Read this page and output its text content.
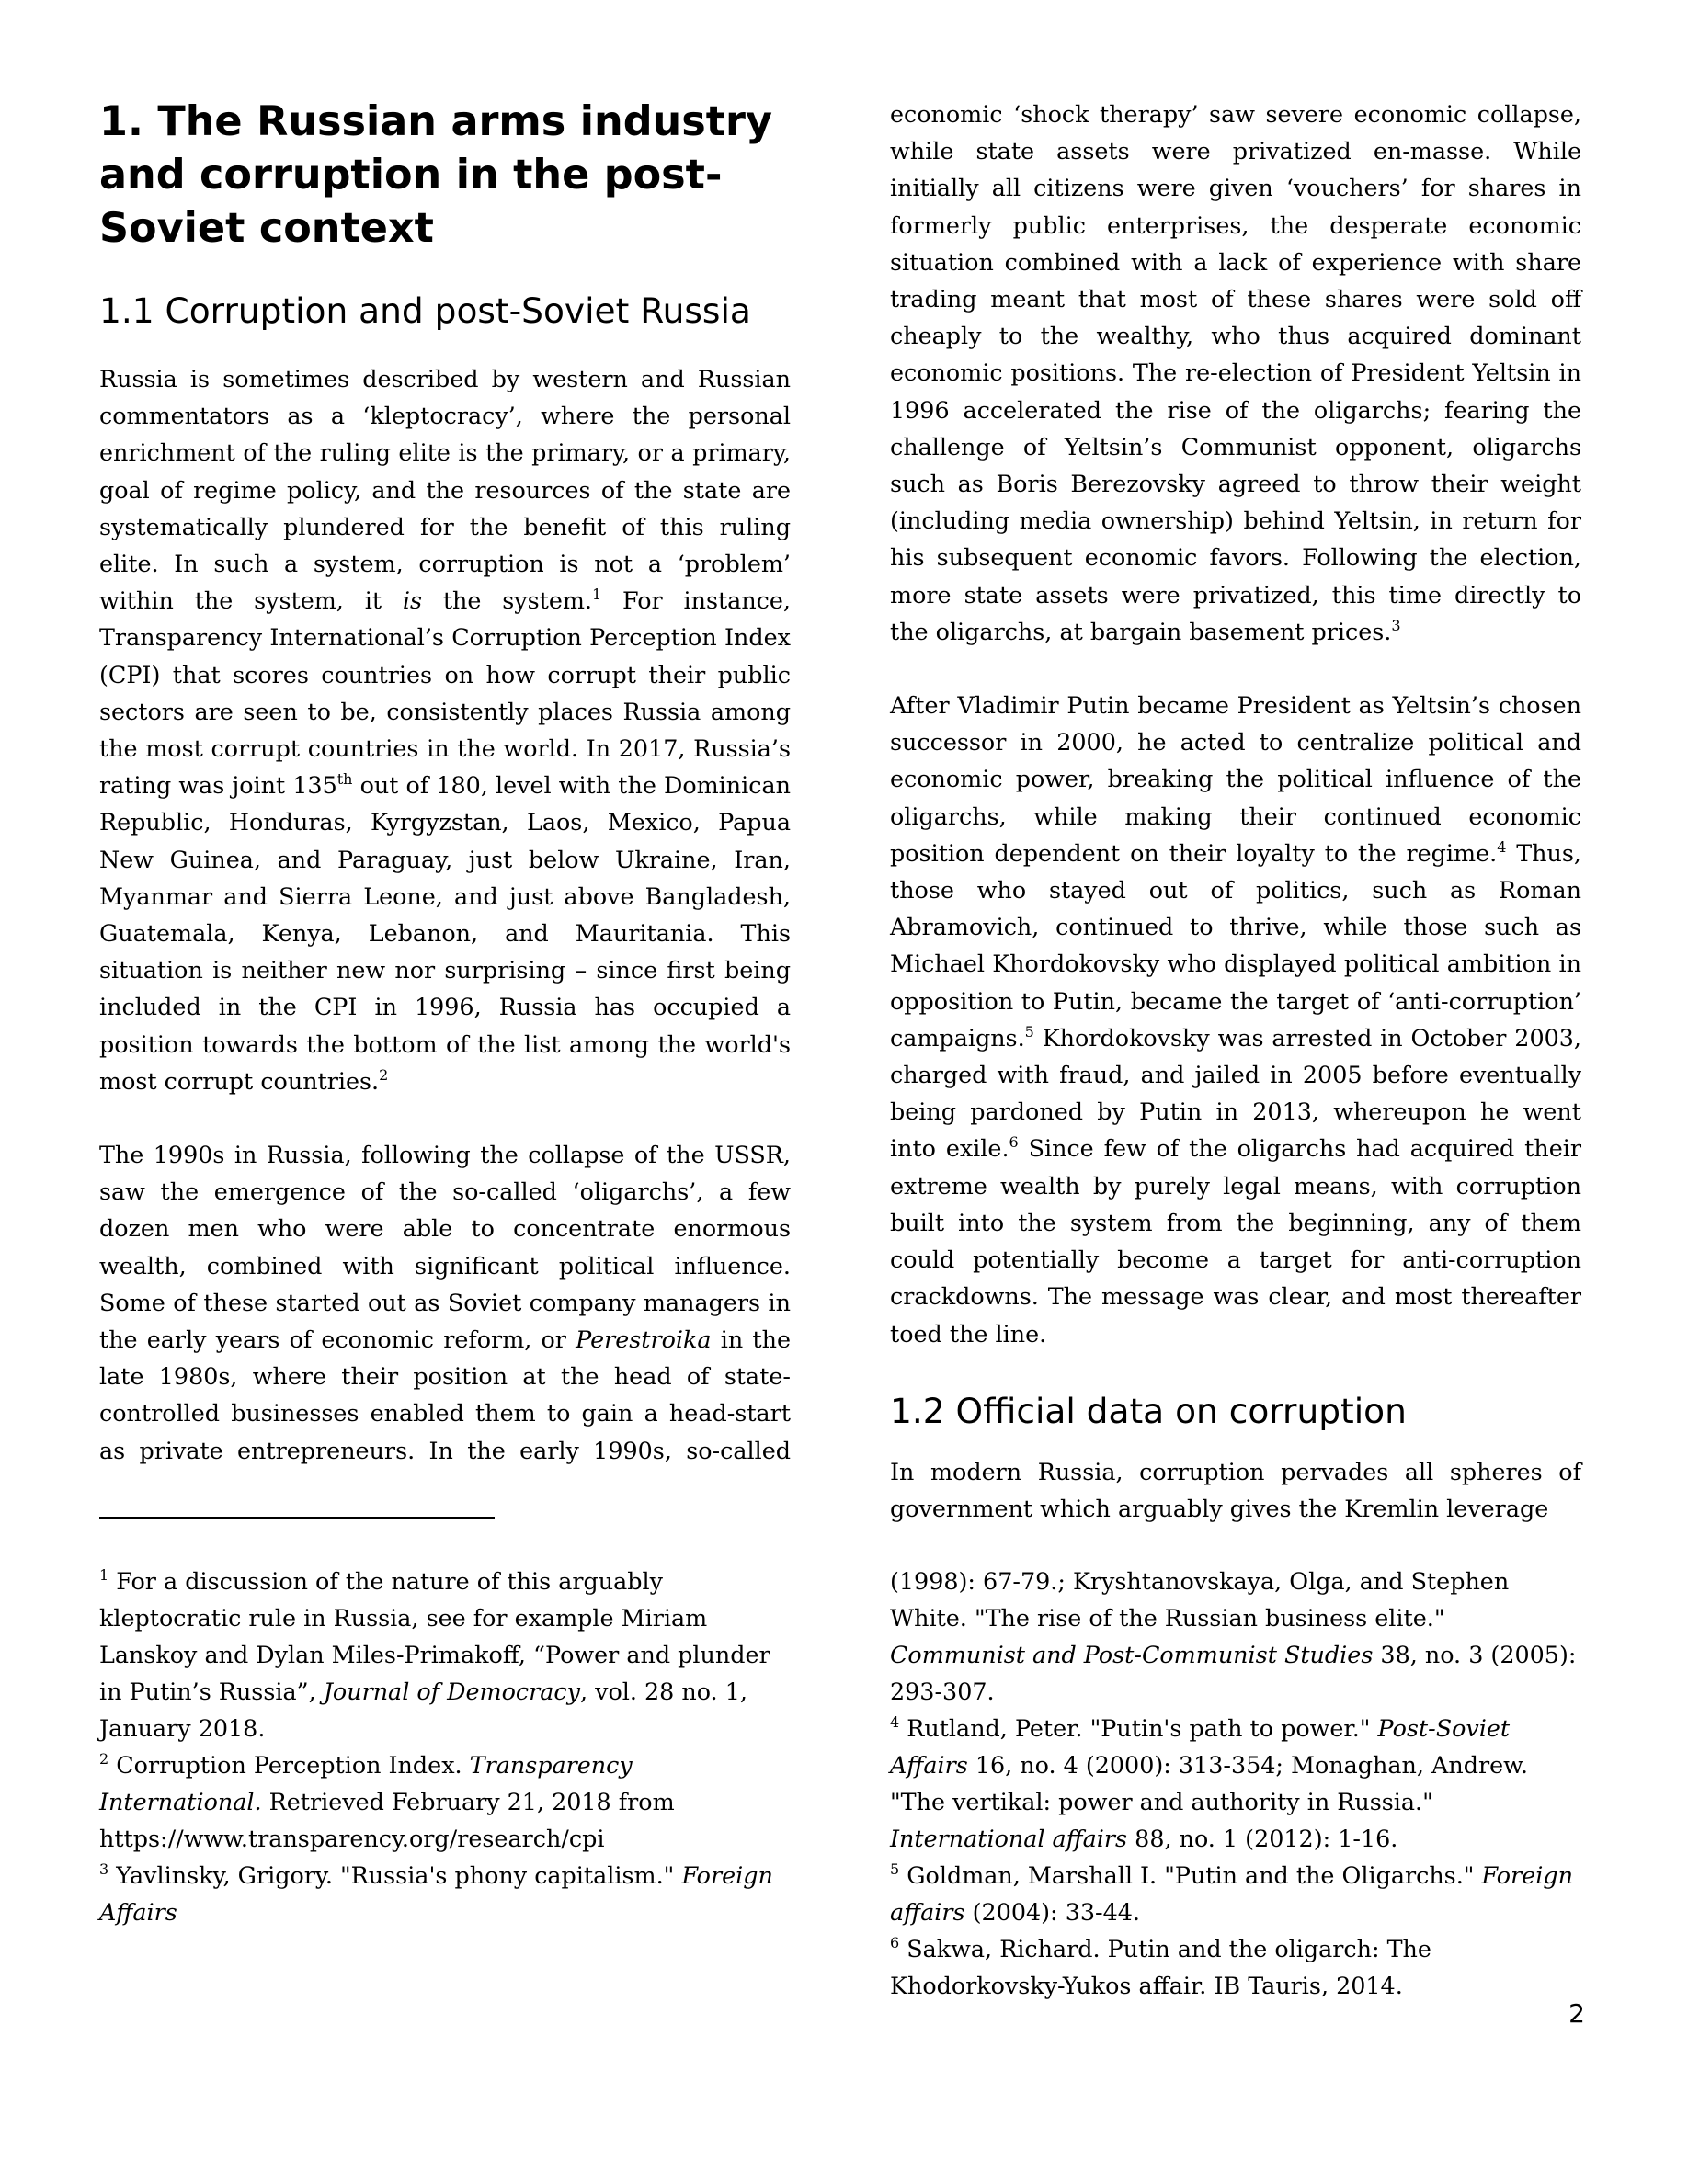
1. The Russian arms industry and corruption in the post-Soviet context
1.1 Corruption and post-Soviet Russia

Russia is sometimes described by western and Russian commentators as a ‘kleptocracy’, where the personal enrichment of the ruling elite is the primary, or a primary, goal of regime policy, and the resources of the state are systematically plundered for the benefit of this ruling elite. In such a system, corruption is not a ‘problem’ within the system, it is the system.$^1$ For instance, Transparency International’s Corruption Perception Index (CPI) that scores countries on how corrupt their public sectors are seen to be, consistently places Russia among the most corrupt countries in the world. In 2017, Russia’s rating was joint 135th out of 180, level with the Dominican Republic, Honduras, Kyrgyzstan, Laos, Mexico, Papua New Guinea, and Paraguay, just below Ukraine, Iran, Myanmar and Sierra Leone, and just above Bangladesh, Guatemala, Kenya, Lebanon, and Mauritania. This situation is neither new nor surprising – since first being included in the CPI in 1996, Russia has occupied a position towards the bottom of the list among the world's most corrupt countries.$^2$

The 1990s in Russia, following the collapse of the USSR, saw the emergence of the so-called ‘oligarchs’, a few dozen men who were able to concentrate enormous wealth, combined with significant political influence. Some of these started out as Soviet company managers in the early years of economic reform, or Perestroika in the late 1980s, where their position at the head of state-controlled businesses enabled them to gain a head-start as private entrepreneurs. In the early 1990s, so-called

economic ‘shock therapy’ saw severe economic collapse, while state assets were privatized en-masse. While initially all citizens were given ‘vouchers’ for shares in formerly public enterprises, the desperate economic situation combined with a lack of experience with share trading meant that most of these shares were sold off cheaply to the wealthy, who thus acquired dominant economic positions. The re-election of President Yeltsin in 1996 accelerated the rise of the oligarchs; fearing the challenge of Yeltsin’s Communist opponent, oligarchs such as Boris Berezovsky agreed to throw their weight (including media ownership) behind Yeltsin, in return for his subsequent economic favors. Following the election, more state assets were privatized, this time directly to the oligarchs, at bargain basement prices.$^3$

After Vladimir Putin became President as Yeltsin’s chosen successor in 2000, he acted to centralize political and economic power, breaking the political influence of the oligarchs, while making their continued economic position dependent on their loyalty to the regime.$^4$ Thus, those who stayed out of politics, such as Roman Abramovich, continued to thrive, while those such as Michael Khordokovsky who displayed political ambition in opposition to Putin, became the target of ‘anti-corruption’ campaigns.$^5$ Khordokovsky was arrested in October 2003, charged with fraud, and jailed in 2005 before eventually being pardoned by Putin in 2013, whereupon he went into exile.$^6$ Since few of the oligarchs had acquired their extreme wealth by purely legal means, with corruption built into the system from the beginning, any of them could potentially become a target for anti-corruption crackdowns. The message was clear, and most thereafter toed the line.

1.2 Official data on corruption

In modern Russia, corruption pervades all spheres of government which arguably gives the Kremlin leverage

$^1$ For a discussion of the nature of this arguably kleptocratic rule in Russia, see for example Miriam Lanskoy and Dylan Miles-Primakoff, “Power and plunder in Putin’s Russia”, Journal of Democracy, vol. 28 no. 1, January 2018.

$^2$ Corruption Perception Index. Transparency International. Retrieved February 21, 2018 from https://www.transparency.org/research/cpi

$^3$ Yavlinsky, Grigory. "Russia's phony capitalism." Foreign Affairs

(1998): 67-79.; Kryshtanovskaya, Olga, and Stephen White. "The rise of the Russian business elite." Communist and Post-Communist Studies 38, no. 3 (2005): 293-307.

$^4$ Rutland, Peter. "Putin's path to power." Post-Soviet Affairs 16, no. 4 (2000): 313-354; Monaghan, Andrew. "The vertikal: power and authority in Russia." International affairs 88, no. 1 (2012): 1-16.

$^5$ Goldman, Marshall I. "Putin and the Oligarchs." Foreign affairs (2004): 33-44.

$^6$ Sakwa, Richard. Putin and the oligarch: The Khodorkovsky-Yukos affair. IB Tauris, 2014.

2
